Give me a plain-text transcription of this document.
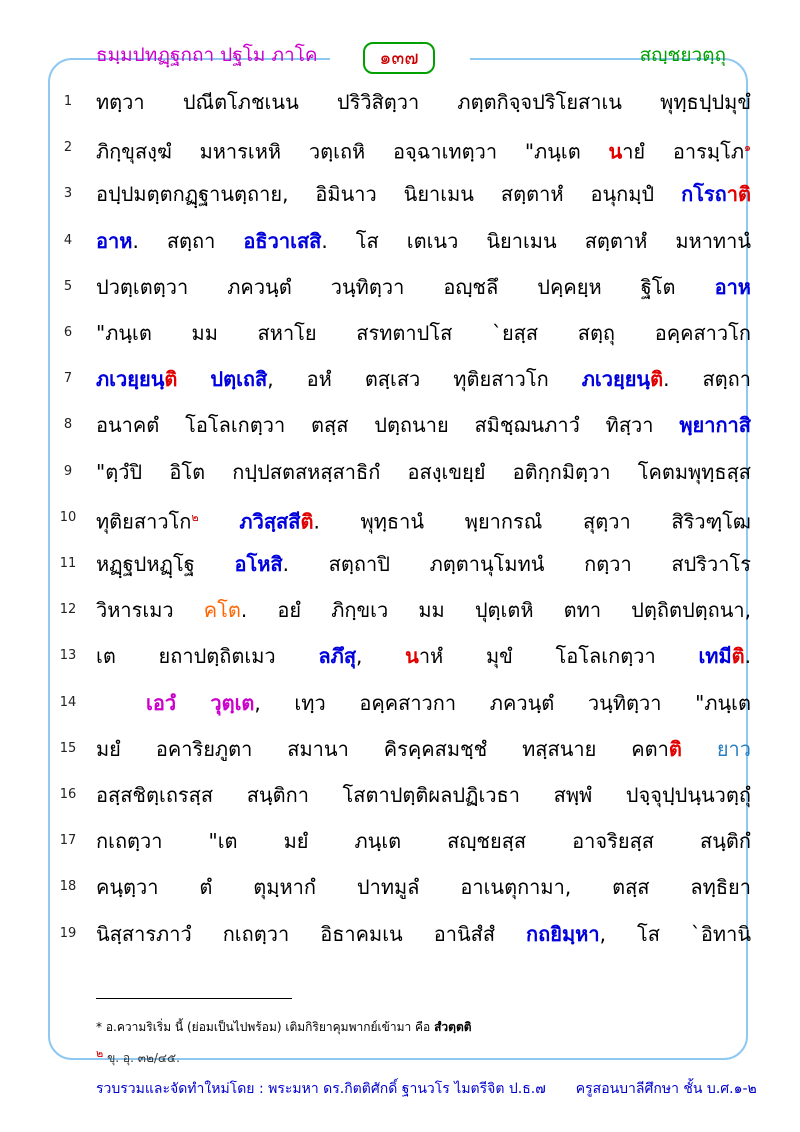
ธมฺมปทฏฺฐกถา ปฐโม ภาโค	๑๓๗	สญฺชยวตฺถุ
1	ทตฺวา ปณีตโภชเนน ปริวิสิตฺวา ภตฺตกิจฺจปริโยสาเน พุทฺธปฺปมุขํ
2	ภิกฺขุสงฺฆํ มหารเหหิ วตฺเถหิ อจฺฉาเทตฺวา "ภนฺเต นายํ อารมฺโภ$^๑$
3	อปฺปมตฺตกฏฺฐานตฺถาย, อิมินาว นิยาเมน สตฺตาหํ อนุกมฺปํ กโรถาติ
4	อาห. สตฺถา อธิวาเสสิ. โส เตเนว นิยาเมน สตฺตาหํ มหาทานํ
5	ปวตฺเตตฺวา ภควนฺตํ วนฺทิตฺวา อญฺชลึ ปคฺคยฺห ฐิโต อาห
6	"ภนฺเต มม สหาโย สรทตาปโส `ยสฺส สตฺถุ อคฺคสาวโก
7	ภเวยฺยนฺติ ปตฺเถสิ, อหํ ตสฺเสว ทุติยสาวโก ภเวยฺยนฺติ. สตฺถา
8	อนาคตํ โอโลเกตฺวา ตสฺส ปตฺถนาย สมิชฺฌนภาวํ ทิสฺวา พฺยากาสิ
9	"ตฺวํปิ อิโต กปฺปสตสหสฺสาธิกํ อสงฺเขยฺยํ อติกฺกมิตฺวา โคตมพุทฺธสฺส
10 ทุติยสาวโก$^๒$ ภวิสฺสสีติ. พุทฺธานํ พฺยากรณํ สุตฺวา สิริวฑฺโฒ
11 หฏฺฐปหฏฺโฐ อโหสิ. สตฺถาปิ ภตฺตานุโมทนํ กตฺวา สปริวาโร
12 วิหารเมว คโต. อยํ ภิกฺขเว มม ปุตฺเตหิ ตทา ปตฺถิตปตฺถนา,
13 เต ยถาปตฺถิตเมว ลภึสุ, นาหํ มุขํ โอโลเกตฺวา เทมีติ.
14	เอวํ วุตฺเต, เทฺว อคฺคสาวกา ภควนฺตํ วนฺทิตฺวา "ภนฺเต
15 มยํ อคาริยภูตา สมานา คิรคฺคสมชฺชํ ทสฺสนาย คตาติ ยาว
16 อสฺสชิตฺเถรสฺส สนฺติกา โสตาปตฺติผลปฏิเวธา สพฺพํ ปจฺจุปฺปนฺนวตฺถุํ
17 กเถตฺวา "เต มยํ ภนฺเต สญฺชยสฺส อาจริยสฺส สนฺติกํ
18 คนฺตฺวา ตํ ตุมฺหากํ ปาทมูลํ อาเนตุกามา, ตสฺส ลทฺธิยา
19 นิสฺสารภาวํ กเถตฺวา อิธาคมเน อานิสํสํ กถยิมฺหา, โส `อิทานิ
* อ.ความริเริ่ม นี้ (ย่อมเป็นไปพร้อม) เติมกิริยาคุมพากย์เข้ามา คือ สํวตฺตติ
$^๒$ ขุ. อุ. ๓๒/๔๕.
รวบรวมและจัดทำใหม่โดย : พระมหา ดร.กิตติศักดิ์ ฐานวโร ไมตรีจิต ป.ธ.๗ ครูสอนบาลีศึกษา ชั้น บ.ศ.๑-๒
